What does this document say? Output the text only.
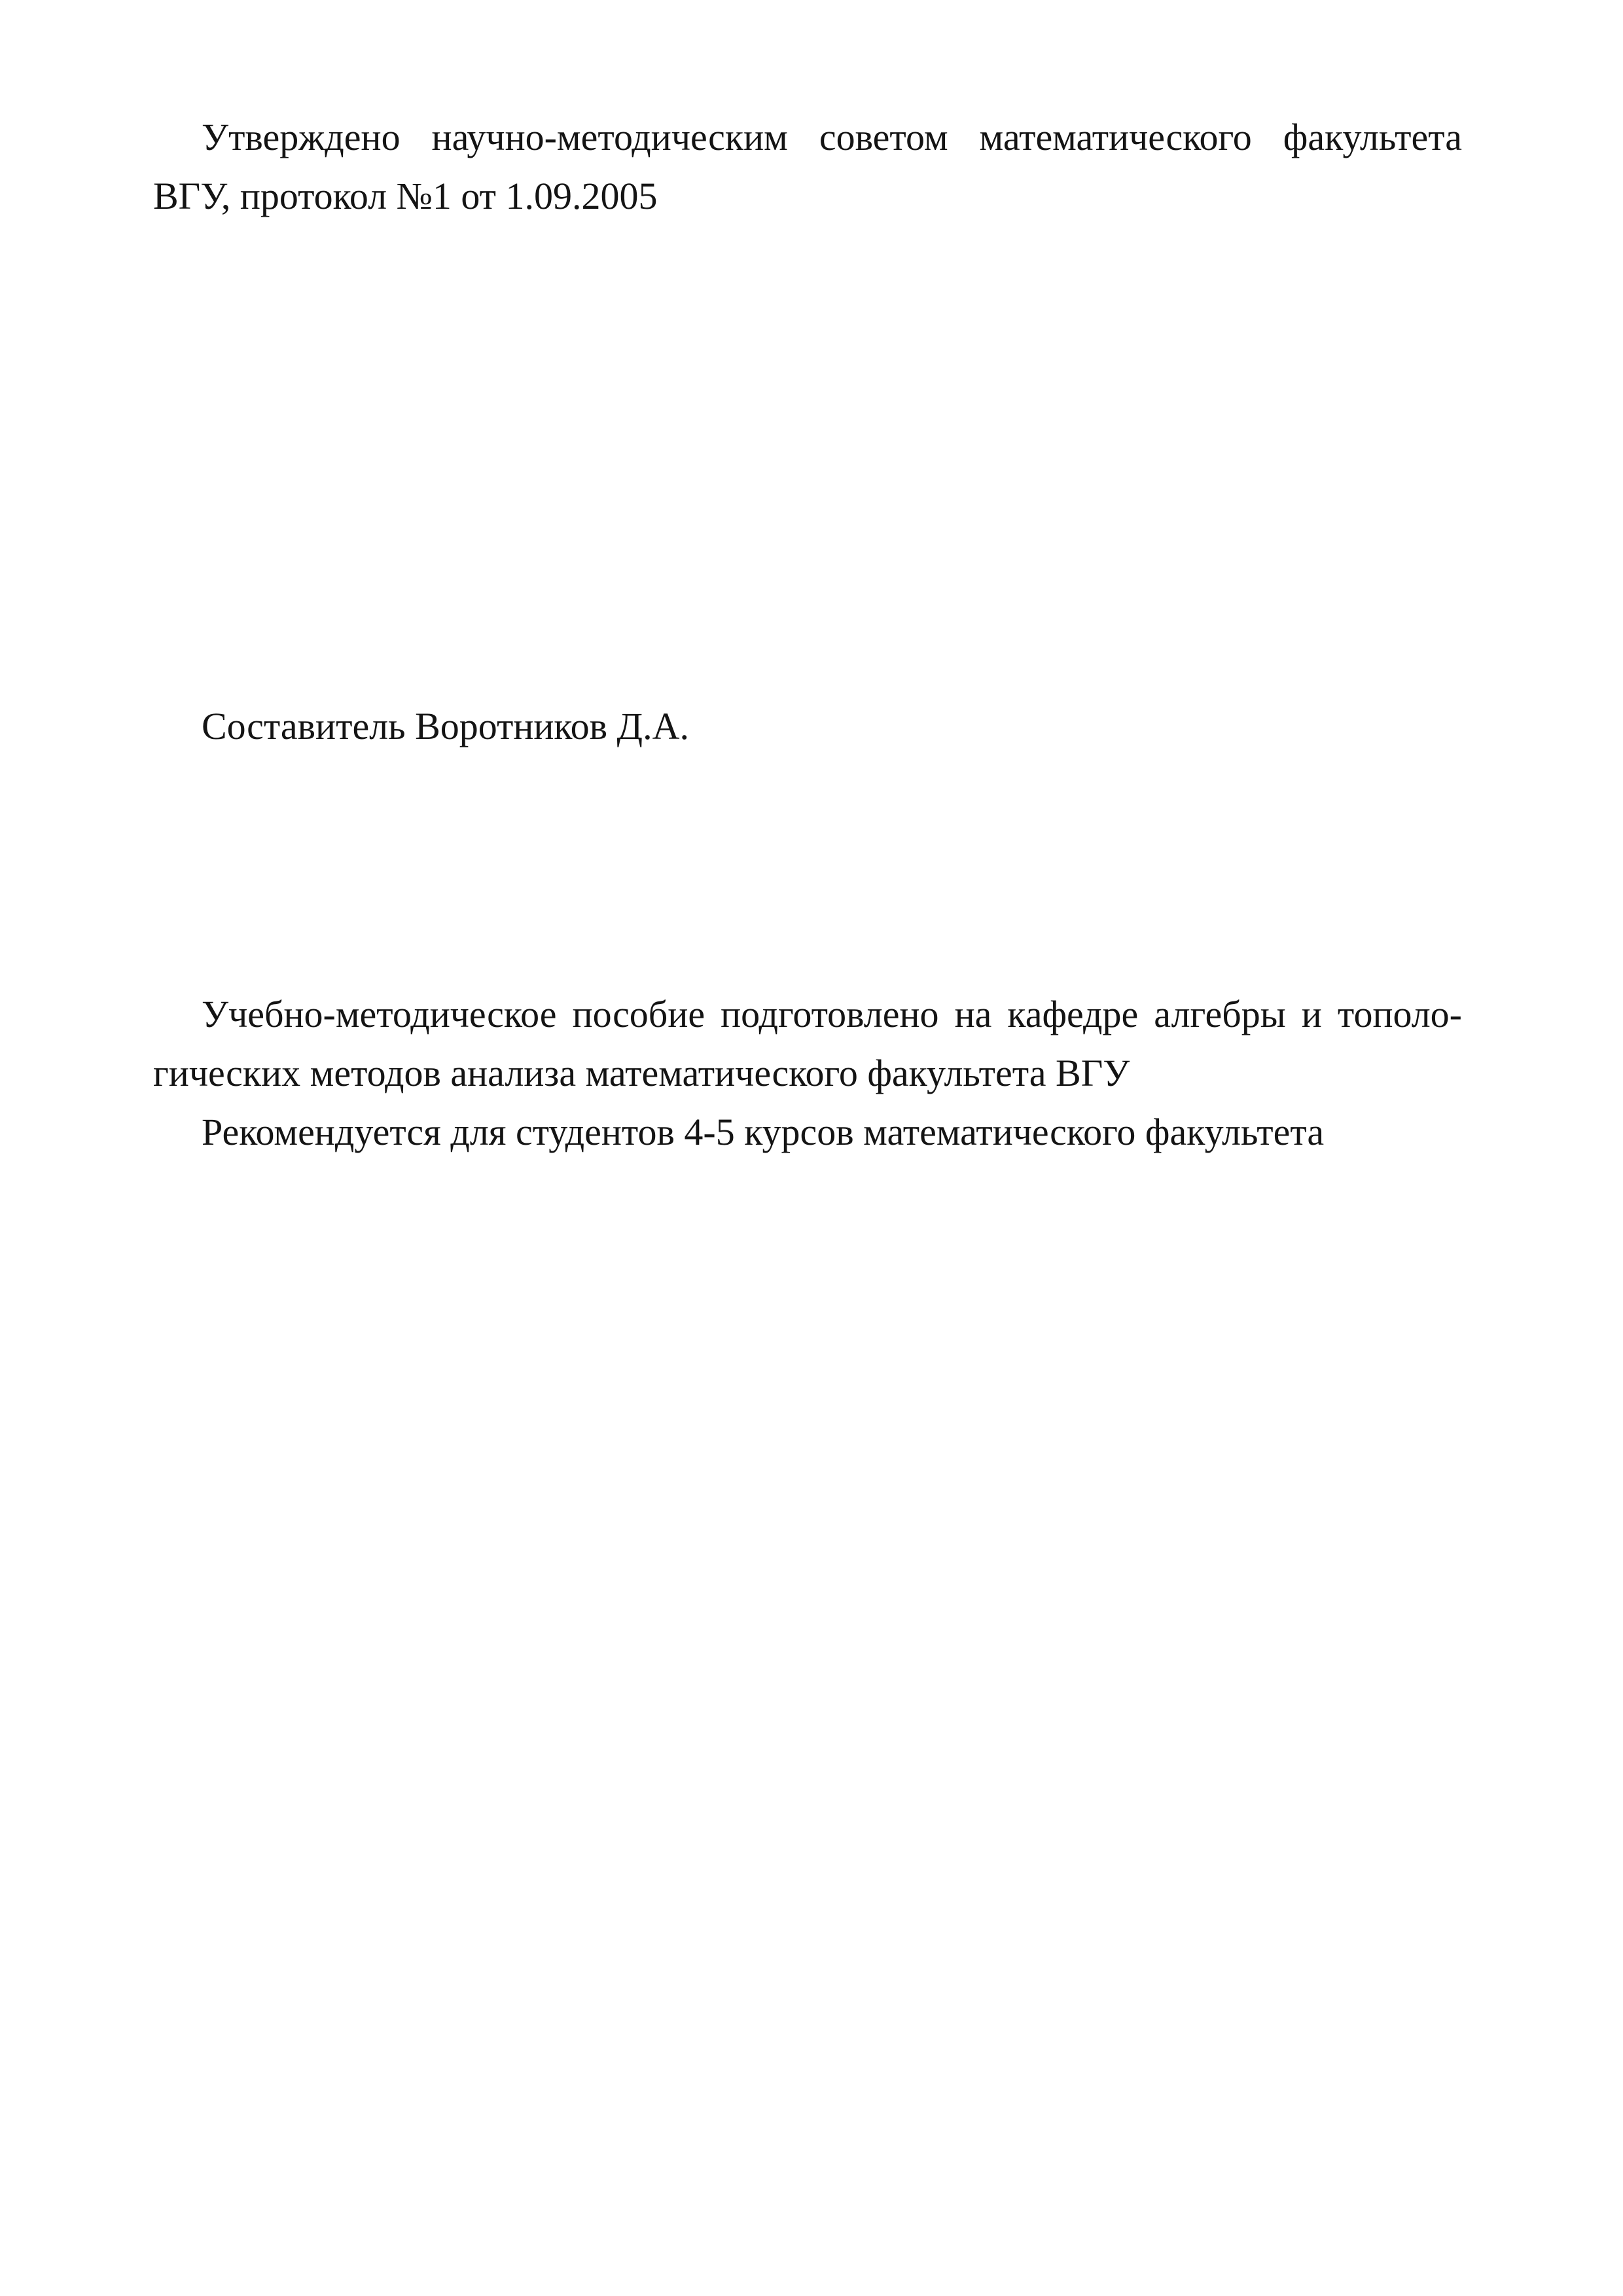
Утверждено научно-методическим советом математического факультета
ВГУ, протокол №1 от 1.09.2005
Составитель Воротников Д.А.
Учебно-методическое пособие подготовлено на кафедре алгебры и тополо-
гических методов анализа математического факультета ВГУ
Рекомендуется для студентов 4-5 курсов математического факультета
